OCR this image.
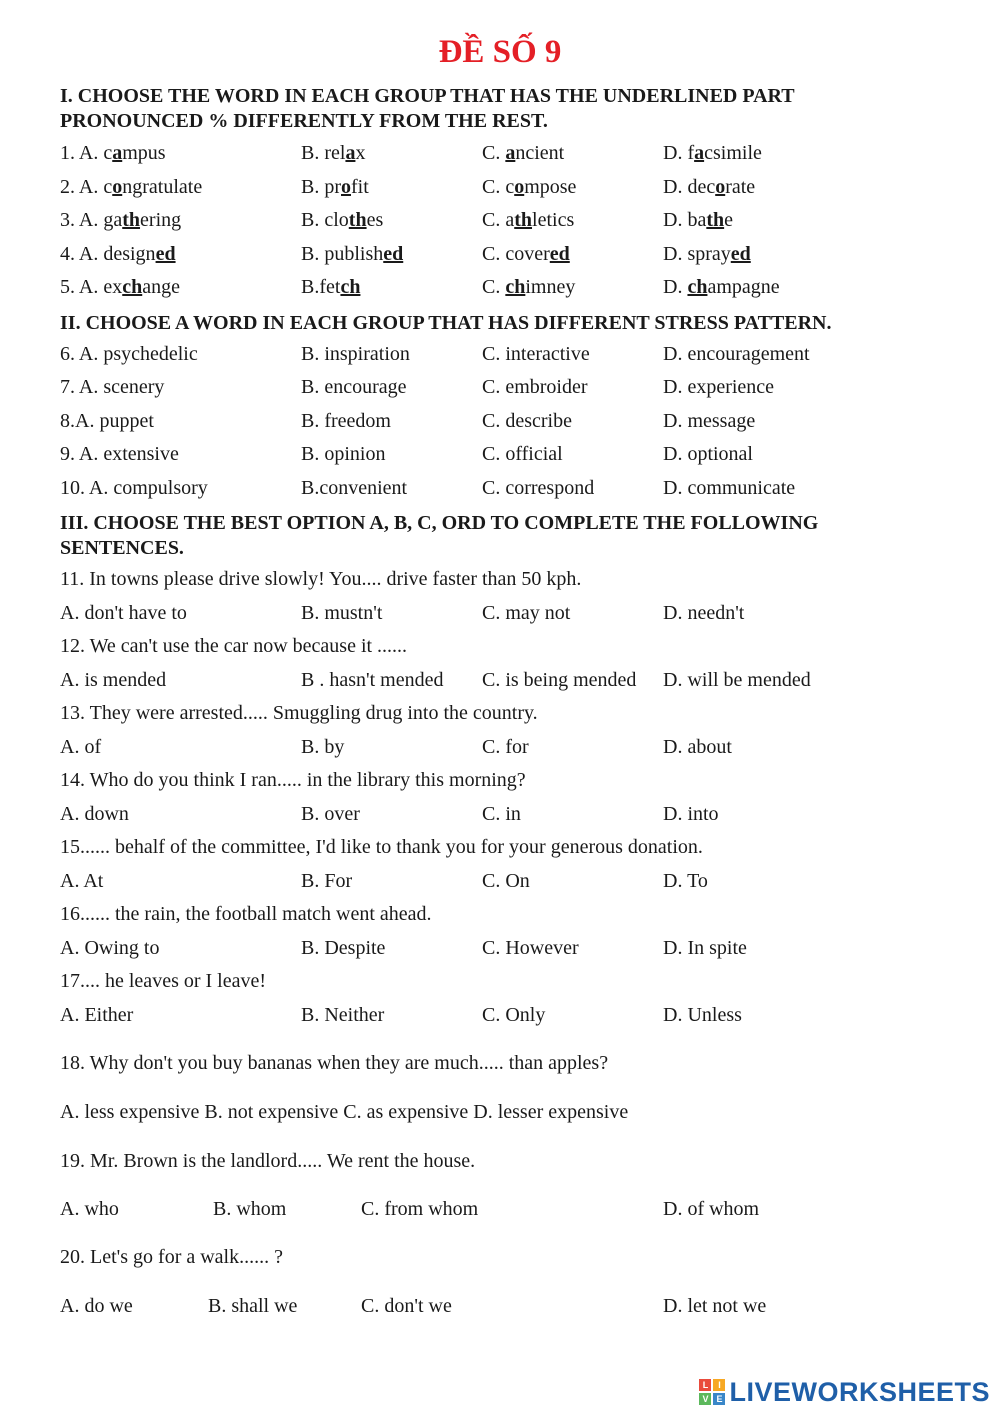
ĐỀ SỐ 9
I. CHOOSE THE WORD IN EACH GROUP THAT HAS THE UNDERLINED PART
PRONOUNCED % DIFFERENTLY FROM THE REST.
1. A. campus	B. relax	C. ancient	D. facsimile
2. A. congratulate	B. profit	C. compose	D. decorate
3. A. gathering	B. clothes	C. athletics	D. bathe
4. A. designed	B. published	C. covered	D. sprayed
5. A. exchange	B.fetch	C. chimney	D. champagne
II. CHOOSE A WORD IN EACH GROUP THAT HAS DIFFERENT STRESS PATTERN.
6. A. psychedelic	B. inspiration	C. interactive	D. encouragement
7. A. scenery	B. encourage	C. embroider	D. experience
8.A. puppet	B. freedom	C. describe	D. message
9. A. extensive	B. opinion	C. official	D. optional
10. A. compulsory	B.convenient	C. correspond	D. communicate
III. CHOOSE THE BEST OPTION A, B, C, ORD TO COMPLETE THE FOLLOWING
SENTENCES.
11. In towns please drive slowly! You.... drive faster than 50 kph.
A. don't have to	B. mustn't	C. may not	D. needn't
12. We can't use the car now because it ......
A. is mended	B . hasn't mended C. is being mended D. will be mended
13. They were arrested..... Smuggling drug into the country.
A. of	B. by	C. for	D. about
14. Who do you think I ran..... in the library this morning?
A. down	B. over	C. in	D. into
15...... behalf of the committee, I'd like to thank you for your generous donation.
A. At	B. For	C. On	D. To
16...... the rain, the football match went ahead.
A. Owing to	B. Despite	C. However	D. In spite
17.... he leaves or I leave!
A. Either	B. Neither	C. Only	D. Unless
18. Why don't you buy bananas when they are much..... than apples?
A. less expensive B. not expensive C. as expensive D. lesser expensive
19. Mr. Brown is the landlord..... We rent the house.
A. who	B. whom	C. from whom	D. of whom
20. Let's go for a walk...... ?
A. do we	B. shall we	C. don't we	D. let not we
L	I
V E LIVEWORKSHEETS
